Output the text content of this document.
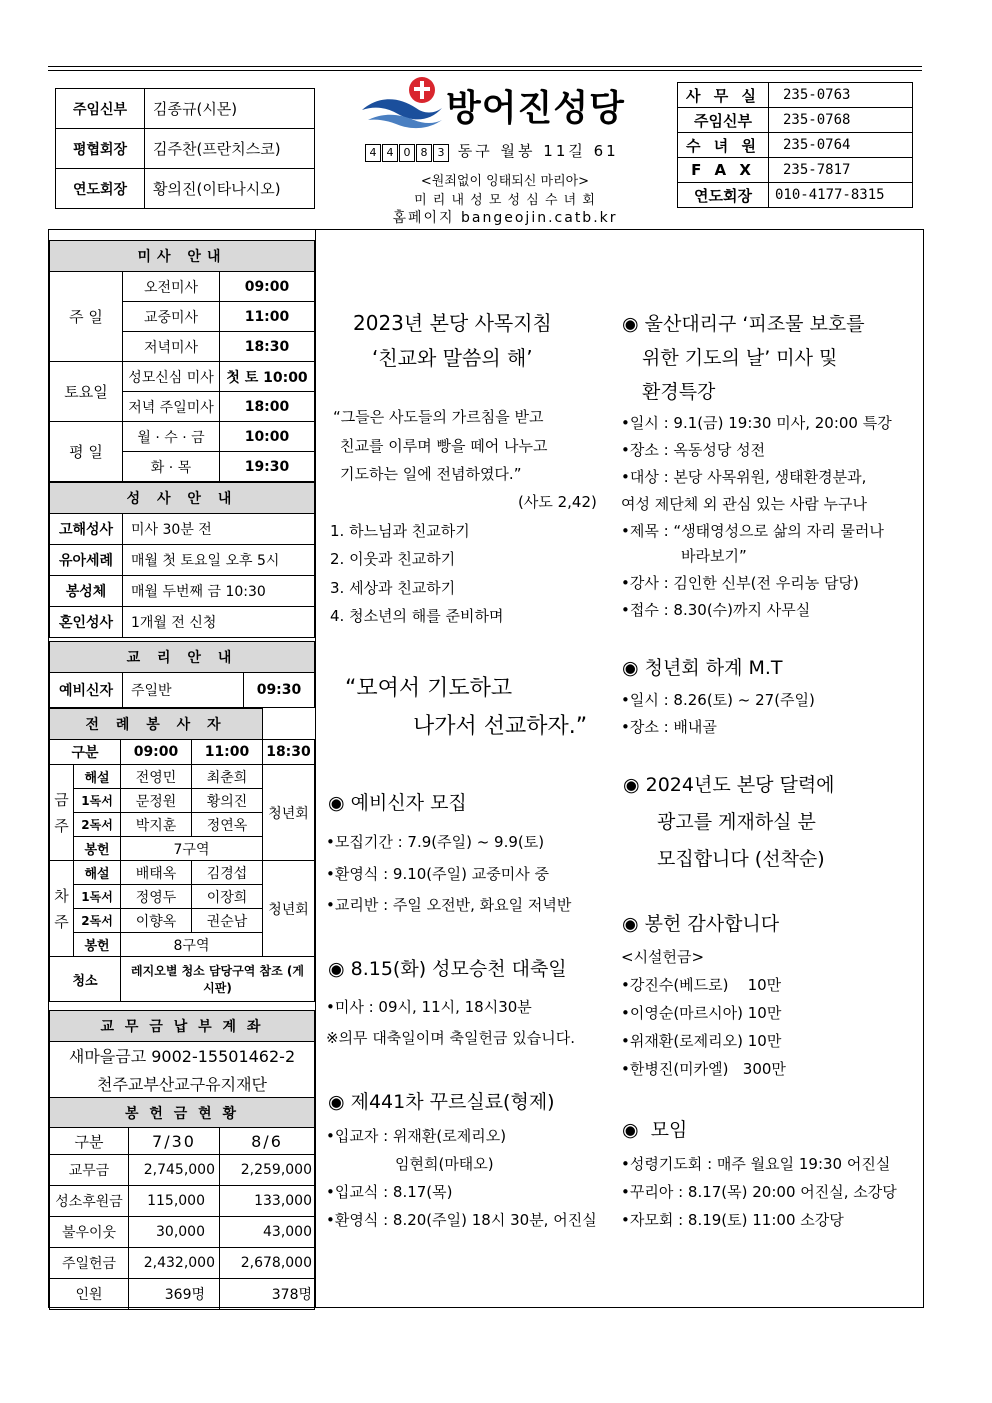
주임신부	김종규(시몬)
평협회장	김주찬(프란치스코)
연도회장	황의진(이타나시오)
방어진성당
4 4 0 8 3 동구 월봉 11길 61
<원죄없이 잉태되신 마리아>
미 리 내 성 모 성 심 수 녀 회
홈페이지 bangeojin.catb.kr
사 무 실	235-0763
주임신부	235-0768
수 녀 원	235-0764
F A X	235-7817
연도회장	010-4177-8315
미사 안내		
주 일	오전미사	09:00
	교중미사	11:00
	저녁미사	18:30
토요일	성모신심 미사	첫 토 10:00
	저녁 주일미사	18:00
평 일	월 · 수 · 금	10:00
	화 · 목	19:30
성 사 안 내	
고해성사	미사 30분 전
유아세례	매월 첫 토요일 오후 5시
봉성체	매월 두번째 금 10:30
혼인성사	1개월 전 신청
교 리 안 내
예비신자	주일반	09:30
전 례 봉 사 자				
구분		09:00	11:00	18:30
금
주	해설	전영민	최춘희	청년회
	1독서	문정원	황의진	
	2독서	박지훈	정연옥	
	봉헌	7구역		
차
주	해설	배태옥	김경섭	청년회
	1독서	정영두	이장희	
	2독서	이향옥	권순남	
	봉헌	8구역		
청소		레지오별 청소 담당구역 참조 (게시판)		
교 무 금 납 부 계 좌
새마을금고 9002-15501462-2
천주교부산교구유지재단
봉 헌 금 현 황		
구분	7/30	8/6
교무금	2,745,000	2,259,000
성소후원금	115,000	133,000
불우이웃	30,000	43,000
주일헌금	2,432,000	2,678,000
인원	369명	378명
2023년 본당 사목지침
‘친교와 말씀의 해’
“그들은 사도들의 가르침을 받고
친교를 이루며 빵을 떼어 나누고
기도하는 일에 전념하였다.”
(사도 2,42)
1. 하느님과 친교하기
2. 이웃과 친교하기
3. 세상과 친교하기
4. 청소년의 해를 준비하며
“모여서 기도하고
나가서 선교하자.”
◉ 예비신자 모집
•모집기간 : 7.9(주일) ~ 9.9(토)
•환영식 : 9.10(주일) 교중미사 중
•교리반 : 주일 오전반, 화요일 저녁반
◉ 8.15(화) 성모승천 대축일
•미사 : 09시, 11시, 18시30분
※의무 대축일이며 축일헌금 있습니다.
◉ 제441차 꾸르실료(형제)
•입교자 : 위재환(로제리오)
임현희(마태오)
•입교식 : 8.17(목)
•환영식 : 8.20(주일) 18시 30분, 어진실
◉ 울산대리구 ‘피조물 보호를
위한 기도의 날’ 미사 및
환경특강
•일시 : 9.1(금) 19:30 미사, 20:00 특강
•장소 : 옥동성당 성전
•대상 : 본당 사목위원, 생태환경분과,
여성 제단체 외 관심 있는 사람 누구나
•제목 : “생태영성으로 삶의 자리 물러나
바라보기”
•강사 : 김인한 신부(전 우리농 담당)
•접수 : 8.30(수)까지 사무실
◉ 청년회 하계 M.T
•일시 : 8.26(토) ~ 27(주일)
•장소 : 배내골
◉ 2024년도 본당 달력에
광고를 게재하실 분
모집합니다 (선착순)
◉ 봉헌 감사합니다
<시설헌금>
•강진수(베드로)    10만
•이영순(마르시아) 10만
•위재환(로제리오) 10만
•한병진(미카엘)   300만
◉  모임
•성령기도회 : 매주 월요일 19:30 어진실
•꾸리아 : 8.17(목) 20:00 어진실, 소강당
•자모회 : 8.19(토) 11:00 소강당
